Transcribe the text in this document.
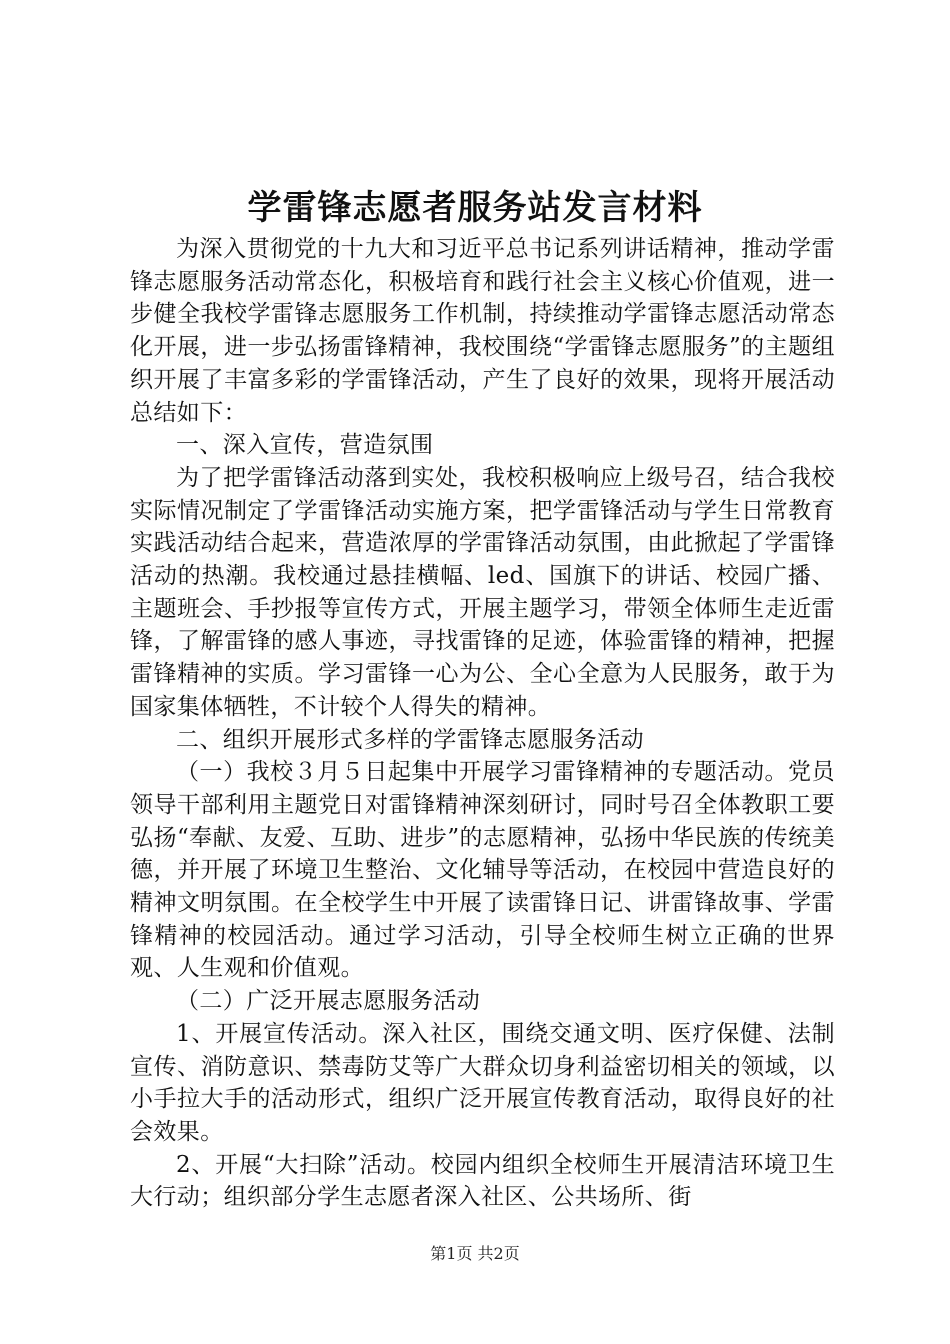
学雷锋志愿者服务站发言材料

为深入贯彻党的十九大和习近平总书记系列讲话精神，推动学雷锋志愿服务活动常态化，积极培育和践行社会主义核心价值观，进一步健全我校学雷锋志愿服务工作机制，持续推动学雷锋志愿活动常态化开展，进一步弘扬雷锋精神，我校围绕“学雷锋志愿服务”的主题组织开展了丰富多彩的学雷锋活动，产生了良好的效果，现将开展活动总结如下：

一、深入宣传，营造氛围

为了把学雷锋活动落到实处，我校积极响应上级号召，结合我校实际情况制定了学雷锋活动实施方案，把学雷锋活动与学生日常教育实践活动结合起来，营造浓厚的学雷锋活动氛围，由此掀起了学雷锋活动的热潮。我校通过悬挂横幅、led、国旗下的讲话、校园广播、主题班会、手抄报等宣传方式，开展主题学习，带领全体师生走近雷锋，了解雷锋的感人事迹，寻找雷锋的足迹，体验雷锋的精神，把握雷锋精神的实质。学习雷锋一心为公、全心全意为人民服务，敢于为国家集体牺牲，不计较个人得失的精神。

二、组织开展形式多样的学雷锋志愿服务活动

（一）我校３月５日起集中开展学习雷锋精神的专题活动。党员领导干部利用主题党日对雷锋精神深刻研讨，同时号召全体教职工要弘扬“奉献、友爱、互助、进步”的志愿精神，弘扬中华民族的传统美德，并开展了环境卫生整治、文化辅导等活动，在校园中营造良好的精神文明氛围。在全校学生中开展了读雷锋日记、讲雷锋故事、学雷锋精神的校园活动。通过学习活动，引导全校师生树立正确的世界观、人生观和价值观。

（二）广泛开展志愿服务活动

1、开展宣传活动。深入社区，围绕交通文明、医疗保健、法制宣传、消防意识、禁毒防艾等广大群众切身利益密切相关的领域，以小手拉大手的活动形式，组织广泛开展宣传教育活动，取得良好的社会效果。

2、开展“大扫除”活动。校园内组织全校师生开展清洁环境卫生大行动；组织部分学生志愿者深入社区、公共场所、街

第1页 共2页
